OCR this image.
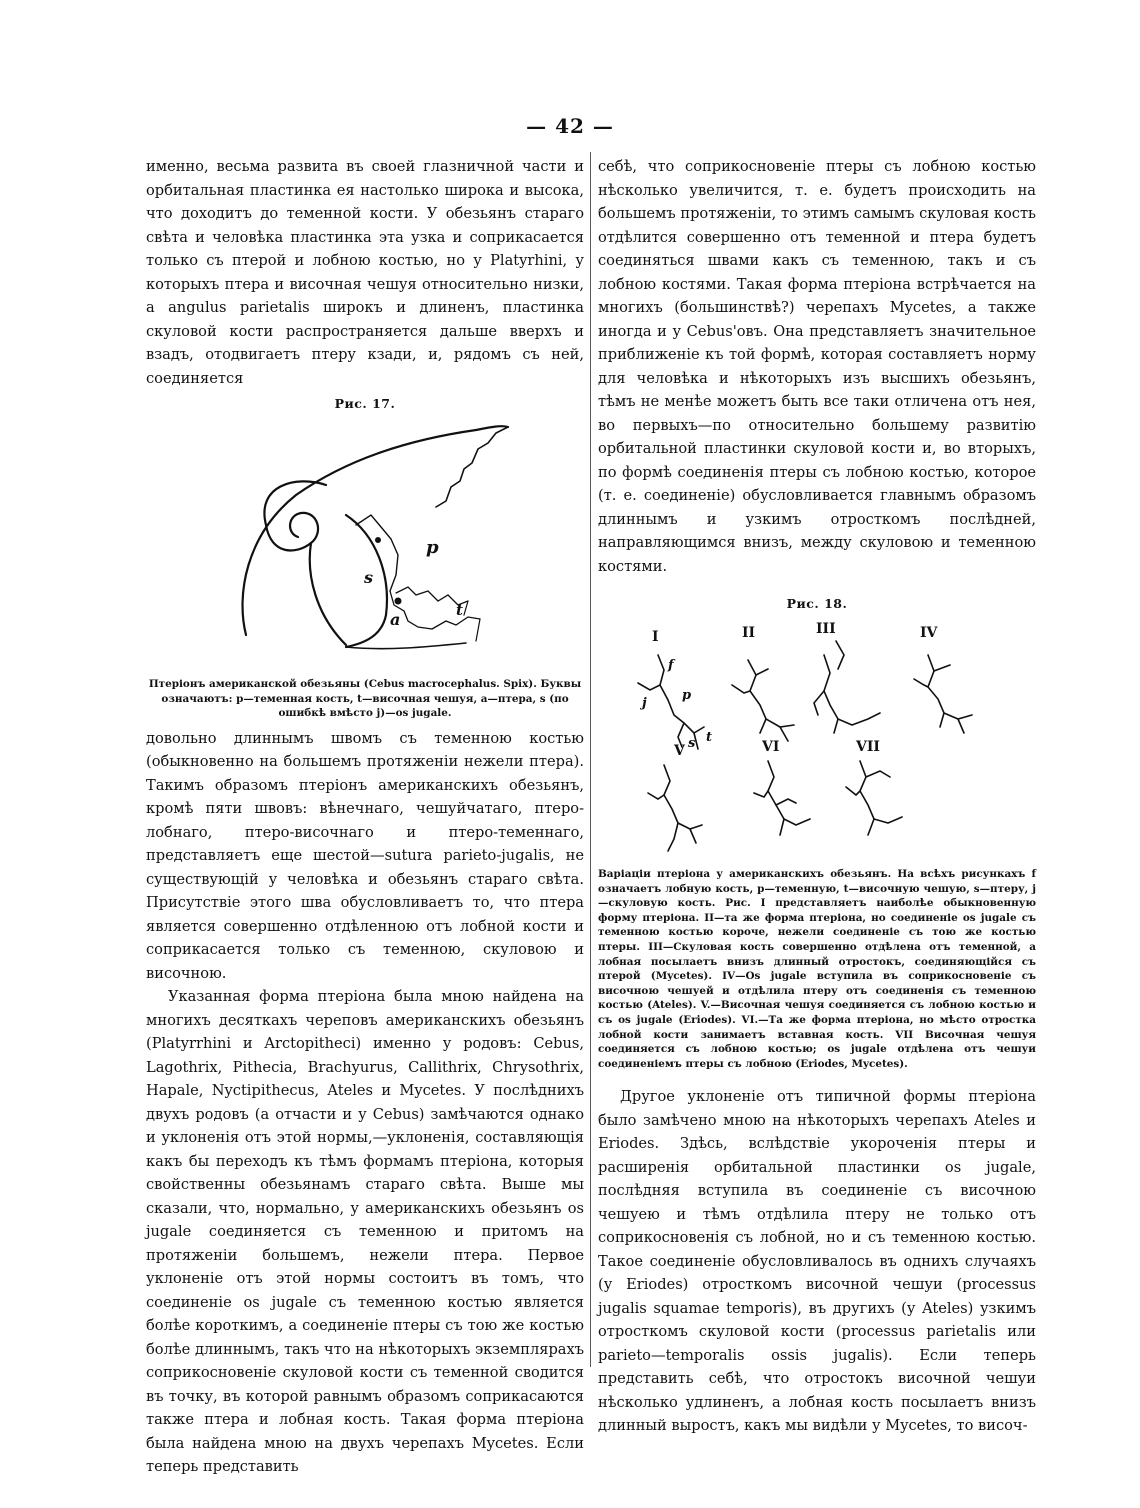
— 42 —

именно, весьма развита въ своей глазничной части и орбитальная пластинка ея настолько широка и высока, что доходитъ до теменной кости. У обезьянъ стараго свѣта и человѣка пластинка эта узка и соприкасается только съ птерой и лобною костью, но у Platyrhini, у которыхъ птера и височная чешуя относительно низки, а angulus parietalis широкъ и длиненъ, пластинка скуловой кости распространяется дальше вверхъ и взадъ, отодвигаетъ птеру кзади, и, рядомъ съ ней, соединяется

Рис. 17.
p
s
a	t
Птеріонъ американской обезьяны (Cebus macrocephalus. Spix). Буквы означаютъ: p—теменная кость, t—височная чешуя, a—птера, s (по ошибкѣ вмѣсто j)—os jugale.

довольно длиннымъ швомъ съ теменною костью (обыкновенно на большемъ протяженіи нежели птера). Такимъ образомъ птеріонъ американскихъ обезьянъ, кромѣ пяти швовъ: вѣнечнаго, чешуйчатаго, птеро-лобнаго, птеро-височнаго и птеро-теменнаго, представляетъ еще шестой—sutura parieto-jugalis, не существующій у человѣка и обезьянъ стараго свѣта. Присутствіе этого шва обусловливаетъ то, что птера является совершенно отдѣленною отъ лобной кости и соприкасается только съ теменною, скуловою и височною.

Указанная форма птеріона была мною найдена на многихъ десяткахъ череповъ американскихъ обезьянъ (Platyrrhini и Arctopitheci) именно у родовъ: Cebus, Lagothrix, Pithecia, Brachyurus, Callithrix, Chrysothrix, Hapale, Nyctipithecus, Ateles и Mycetes. У послѣднихъ двухъ родовъ (а отчасти и у Cebus) замѣчаются однако и уклоненія отъ этой нормы,—уклоненія, составляющія какъ бы переходъ къ тѣмъ формамъ птеріона, которыя свойственны обезьянамъ стараго свѣта. Выше мы сказали, что, нормально, у американскихъ обезьянъ os jugale соединяется съ теменною и притомъ на протяженіи большемъ, нежели птера. Первое уклоненіе отъ этой нормы состоитъ въ томъ, что соединеніе os jugale съ теменною костью является болѣе короткимъ, а соединеніе птеры съ тою же костью болѣе длиннымъ, такъ что на нѣкоторыхъ экземплярахъ соприкосновеніе скуловой кости съ теменной сводится въ точку, въ которой равнымъ образомъ соприкасаются также птера и лобная кость. Такая форма птеріона была найдена мною на двухъ черепахъ Mycetes. Если теперь представить

себѣ, что соприкосновеніе птеры съ лобною костью нѣсколько увеличится, т. е. будетъ происходить на большемъ протяженіи, то этимъ самымъ скуловая кость отдѣлится совершенно отъ теменной и птера будетъ соединяться швами какъ съ теменною, такъ и съ лобною костями. Такая форма птеріона встрѣчается на многихъ (большинствѣ?) черепахъ Mycetes, а также иногда и у Cebus'овъ. Она представляетъ значительное приближеніе къ той формѣ, которая составляетъ норму для человѣка и нѣкоторыхъ изъ высшихъ обезьянъ, тѣмъ не менѣе можетъ быть все таки отличена отъ нея, во первыхъ—по относительно большему развитію орбитальной пластинки скуловой кости и, во вторыхъ, по формѣ соединенія птеры съ лобною костью, которое (т. е. соединеніе) обусловливается главнымъ образомъ длиннымъ и узкимъ отросткомъ послѣдней, направляющимся внизъ, между скуловою и теменною костями.

Рис. 18.
I	II	III	IV
V	VI	VII
f
p
j
s t
Варіаціи птеріона у американскихъ обезьянъ. На всѣхъ рисункахъ f означаетъ лобную кость, p—теменную, t—височную чешую, s—птеру, j—скуловую кость. Рис. I представляетъ наиболѣе обыкновенную форму птеріона. II—та же форма птеріона, но соединеніе os jugale съ теменною костью короче, нежели соединеніе съ тою же костью птеры. III—Скуловая кость совершенно отдѣлена отъ теменной, а лобная посылаетъ внизъ длинный отростокъ, соединяющійся съ птерой (Mycetes). IV—Os jugale вступила въ соприкосновеніе съ височною чешуей и отдѣлила птеру отъ соединенія съ теменною костью (Ateles). V.—Височная чешуя соединяется съ лобною костью и съ os jugale (Eriodes). VI.—Та же форма птеріона, но мѣсто отростка лобной кости занимаетъ вставная кость. VII Височная чешуя соединяется съ лобною костью; os jugale отдѣлена отъ чешуи соединеніемъ птеры съ лобною (Eriodes, Mycetes).

Другое уклоненіе отъ типичной формы птеріона было замѣчено мною на нѣкоторыхъ черепахъ Ateles и Eriodes. Здѣсь, вслѣдствіе укороченія птеры и расширенія орбитальной пластинки os jugale, послѣдняя вступила въ соединеніе съ височною чешуею и тѣмъ отдѣлила птеру не только отъ соприкосновенія съ лобной, но и съ теменною костью. Такое соединеніе обусловливалось въ однихъ случаяхъ (у Eriodes) отросткомъ височной чешуи (processus jugalis squamae temporis), въ другихъ (у Ateles) узкимъ отросткомъ скуловой кости (processus parietalis или parieto—temporalis ossis jugalis). Если теперь представить себѣ, что отростокъ височной чешуи нѣсколько удлиненъ, а лобная кость посылаетъ внизъ длинный выростъ, какъ мы видѣли у Mycetes, то височ-
